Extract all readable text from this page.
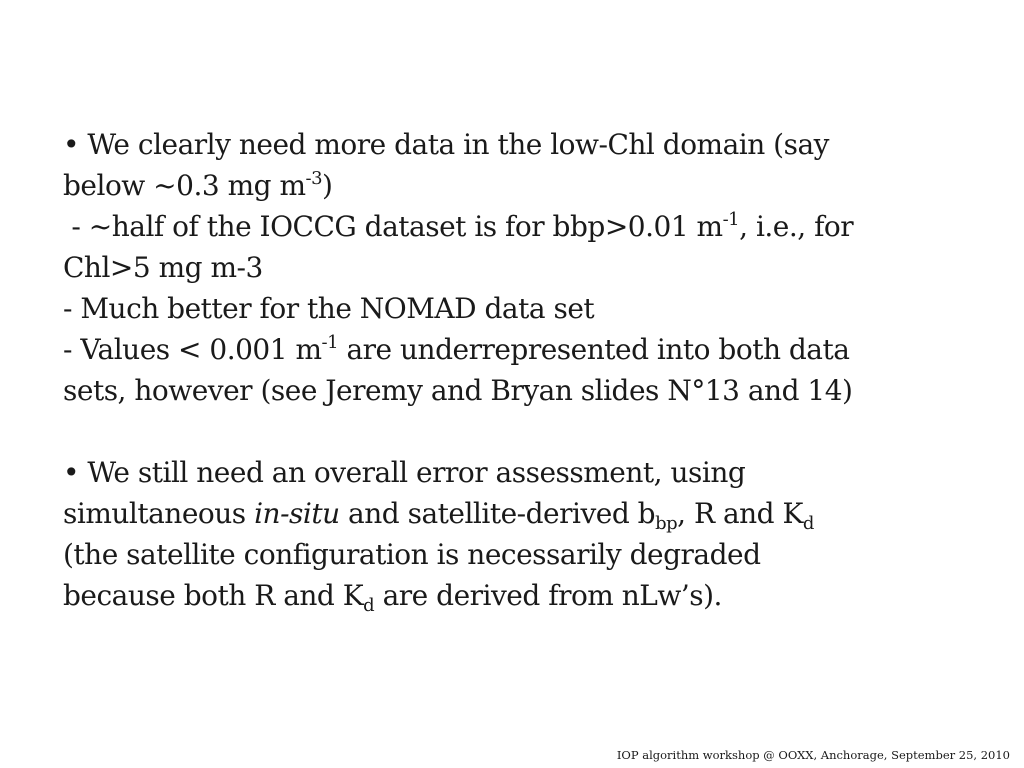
• We clearly need more data in the low-Chl domain (say
below ~0.3 mg $m^{-3}$)
- ~half of the IOCCG dataset is for bbp>0.01 $m^{-1}$, i.e., for
Chl>5 mg m-3
- Much better for the NOMAD data set
- Values < 0.001 $m^{-1}$ are underrepresented into both data
sets, however (see Jeremy and Bryan slides N°13 and 14)
• We still need an overall error assessment, using
simultaneous in-situ and satellite-derived $b_{bp}$, R and $K_d$
(the satellite configuration is necessarily degraded
because both R and $K_d$ are derived from nLw’s).
IOP algorithm workshop @ OOXX, Anchorage, September 25, 2010
